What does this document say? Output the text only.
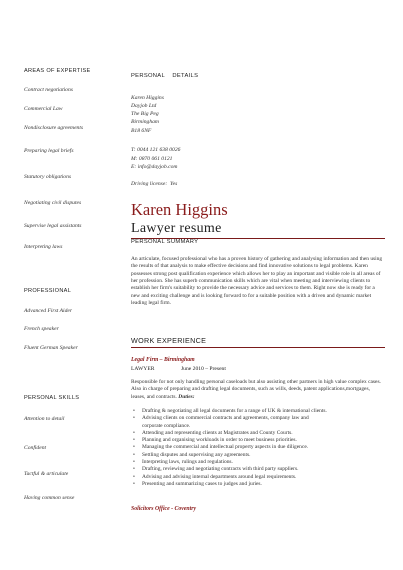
AREAS OF EXPERTISE
Contract negotiations
Commercial Law
Nondisclosure agreements
Preparing legal briefs
Statutory obligations
Negotiating civil disputes
Supervise legal assistants
Interpreting laws
PROFESSIONAL
Advanced First Aider
French speaker
Fluent German Speaker
PERSONAL SKILLS
Attention to detail
Confident
Tactful & articulate
Having common sense
PERSONAL    DETAILS
Karen Higgins
Dayjob Ltd
The Big Peg
Birmingham
B18 6NF
T: 0044 121 638 0026
M: 0870 061 0121
E: info@dayjob.com
Driving license:  Yes
Karen Higgins
Lawyer resume
PERSONAL SUMMARY
An articulate, focused professional who has a proven history of gathering and analysing information and then using the results of that analysis to make effective decisions and find innovative solutions to legal problems. Karen possesses strong post qualification experience which allows her to play an important and visible role in all areas of her profession. She has superb communication skills which are vital when meeting and interviewing clients to establish her firm's suitability to provide the necessary advice and services to them. Right now she is ready for a new and exciting challenge and is looking forward to for a suitable position with a driven and dynamic market leading legal firm.
WORK EXPERIENCE
Legal Firm – Birmingham
LAWYER	June 2010 – Present
Responsible for not only handling personal caseloads but also assisting other partners in high value complex cases. Also in charge of preparing and drafting legal documents, such as wills, deeds, patent applications,mortgages, leases, and contracts. Duties:
• Drafting & negotiating all legal documents for a range of UK & international clients.
• Advising clients on commercial contracts and agreements, company law and
corporate compliance.
• Attending and representing clients at Magistrates and County Courts.
• Planning and organising workloads in order to meet business priorities.
• Managing the commercial and intellectual property aspects in due diligence.
• Settling disputes and supervising any agreements.
• Interpreting laws, rulings and regulations.
• Drafting, reviewing and negotiating contracts with third party suppliers.
• Advising and advising internal departments around legal requirements.
• Presenting and summarizing cases to judges and juries.
Solicitors Office - Coventry
